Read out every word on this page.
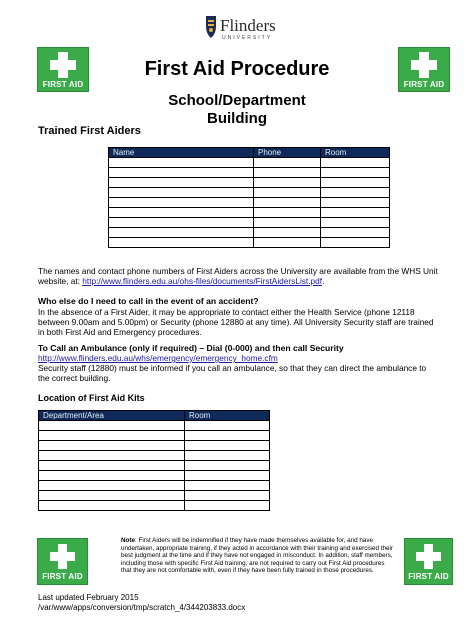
Flinders
UNIVERSITY
FIRST AID	FIRST AID
FIRST AID	FIRST AID
First Aid Procedure
School/Department
Building
Trained First Aiders
Name	Phone	Room

The names and contact phone numbers of First Aiders across the University are available from the WHS Unit website, at: http://www.flinders.edu.au/ohs-files/documents/FirstAidersList.pdf.
Who else do I need to call in the event of an accident?
In the absence of a First Aider, it may be appropriate to contact either the Health Service (phone 12118 between 9.00am and 5.00pm) or Security (phone 12880 at any time). All University Security staff are trained in both First Aid and Emergency procedures.
To Call an Ambulance (only if required) – Dial (0-000) and then call Security
http://www.flinders.edu.au/whs/emergency/emergency_home.cfm
Security staff (12880) must be informed if you call an ambulance, so that they can direct the ambulance to the correct building.
Location of First Aid Kits
Department/Area	Room

Note: First Aiders will be indemnified if they have made themselves available for, and have undertaken, appropriate training, if they acted in accordance with their training and exercised their best judgment at the time and if they have not engaged in misconduct. In addition, staff members, including those with specific First Aid training, are not required to carry out First Aid procedures that they are not comfortable with, even if they have been fully trained in those procedures.
Last updated February 2015
/var/www/apps/conversion/tmp/scratch_4/344203833.docx
